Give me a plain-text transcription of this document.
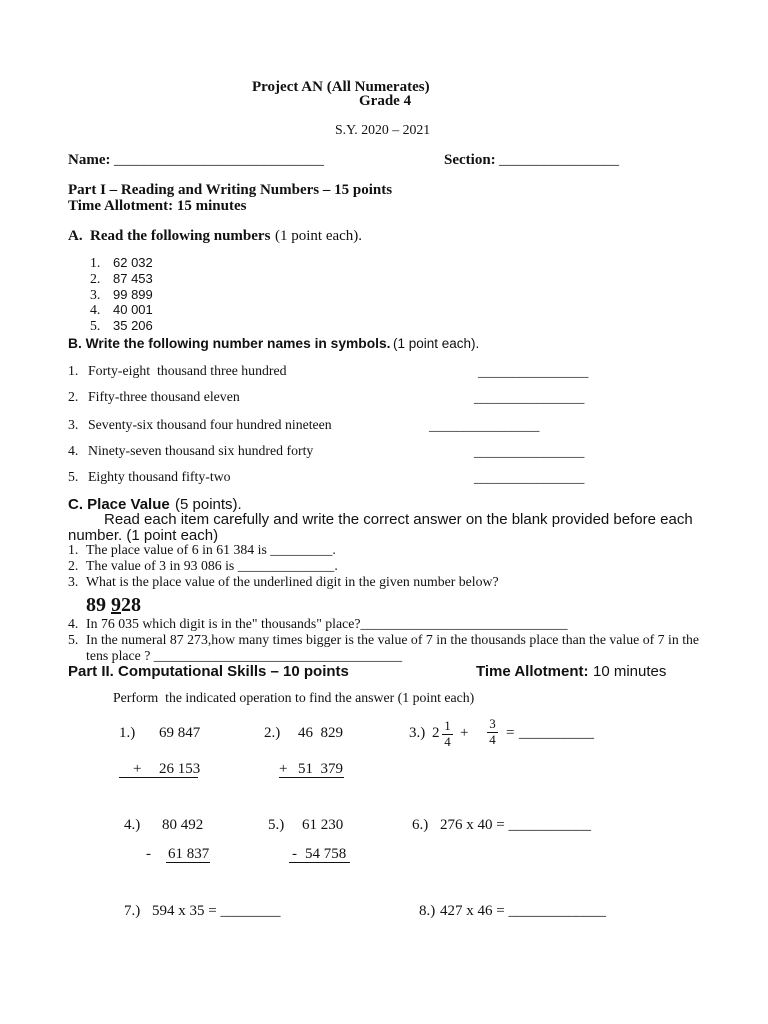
Project AN (All Numerates)
Grade 4
S.Y. 2020 – 2021
Name: ____________________________	Section: ________________
Part I – Reading and Writing Numbers – 15 points
Time Allotment: 15 minutes
A. Read the following numbers (1 point each).
1. 62 032
2. 87 453
3. 99 899
4. 40 001
5. 35 206
B. Write the following number names in symbols. (1 point each).
1. Forty-eight  thousand three hundred	________________
2. Fifty-three thousand eleven	________________
3. Seventy-six thousand four hundred nineteen	________________
4. Ninety-seven thousand six hundred forty	________________
5. Eighty thousand fifty-two	________________
C. Place Value (5 points).
Read each item carefully and write the correct answer on the blank provided before each
number. (1 point each)
1. The place value of 6 in 61 384 is _________.
2. The value of 3 in 93 086 is ______________.
3. What is the place value of the underlined digit in the given number below?
89 928
4. In 76 035 which digit is in the" thousands" place?______________________________
5. In the numeral 87 273,how many times bigger is the value of 7 in the thousands place than the value of 7 in the
tens place ? ____________________________________
Part II. Computational Skills – 10 points	Time Allotment: 10 minutes
Perform  the indicated operation to find the answer (1 point each)
1.) 69 847
+ 26 153
2.) 46  829
+ 51  379
3.) $2 \frac{1}{4} + \frac{3}{4}$ = __________
4.) 80 492
- 61 837
5.) 61 230
- 54 758
6.) 276 x 40 = ___________
7.) 594 x 35 = ________	8.) 427 x 46 = _____________
